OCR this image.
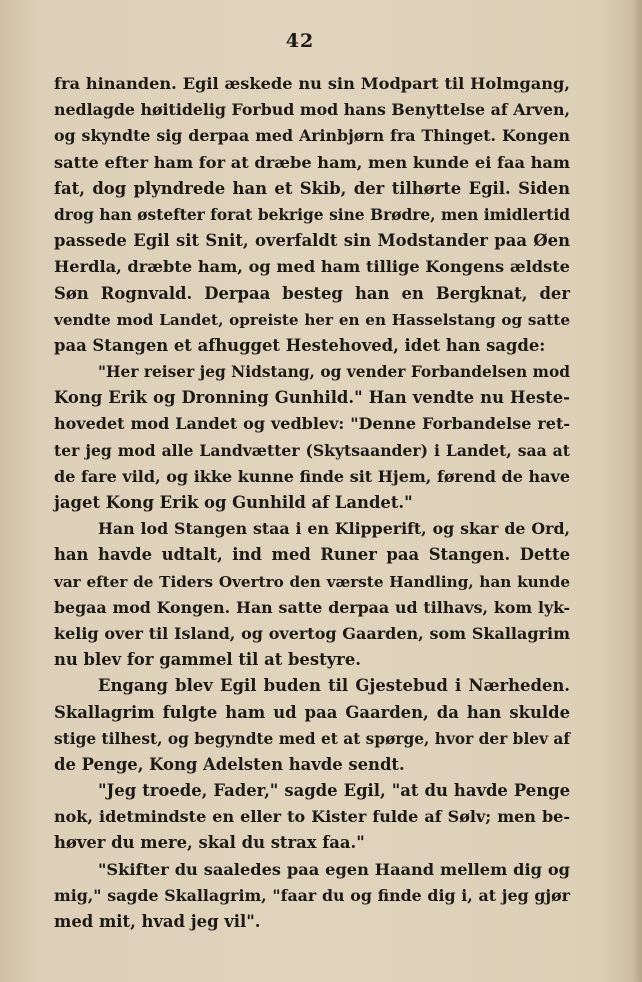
42
fra hinanden. Egil æskede nu sin Modpart til Holmgang,
nedlagde høitidelig Forbud mod hans Benyttelse af Arven,
og skyndte sig derpaa med Arinbjørn fra Thinget. Kongen
satte efter ham for at dræbe ham, men kunde ei faa ham
fat, dog plyndrede han et Skib, der tilhørte Egil. Siden
drog han østefter forat bekrige sine Brødre, men imidlertid
passede Egil sit Snit, overfaldt sin Modstander paa Øen
Herdla, dræbte ham, og med ham tillige Kongens ældste
Søn Rognvald. Derpaa besteg han en Bergknat, der
vendte mod Landet, opreiste her en en Hasselstang og satte
paa Stangen et afhugget Hestehoved, idet han sagde:
"Her reiser jeg Nidstang, og vender Forbandelsen mod
Kong Erik og Dronning Gunhild." Han vendte nu Heste-
hovedet mod Landet og vedblev: "Denne Forbandelse ret-
ter jeg mod alle Landvætter (Skytsaander) i Landet, saa at
de fare vild, og ikke kunne finde sit Hjem, førend de have
jaget Kong Erik og Gunhild af Landet."
Han lod Stangen staa i en Klipperift, og skar de Ord,
han havde udtalt, ind med Runer paa Stangen. Dette
var efter de Tiders Overtro den værste Handling, han kunde
begaa mod Kongen. Han satte derpaa ud tilhavs, kom lyk-
kelig over til Island, og overtog Gaarden, som Skallagrim
nu blev for gammel til at bestyre.
Engang blev Egil buden til Gjestebud i Nærheden.
Skallagrim fulgte ham ud paa Gaarden, da han skulde
stige tilhest, og begyndte med et at spørge, hvor der blev af
de Penge, Kong Adelsten havde sendt.
"Jeg troede, Fader," sagde Egil, "at du havde Penge
nok, idetmindste en eller to Kister fulde af Sølv; men be-
høver du mere, skal du strax faa."
"Skifter du saaledes paa egen Haand mellem dig og
mig," sagde Skallagrim, "faar du og finde dig i, at jeg gjør
med mit, hvad jeg vil".
